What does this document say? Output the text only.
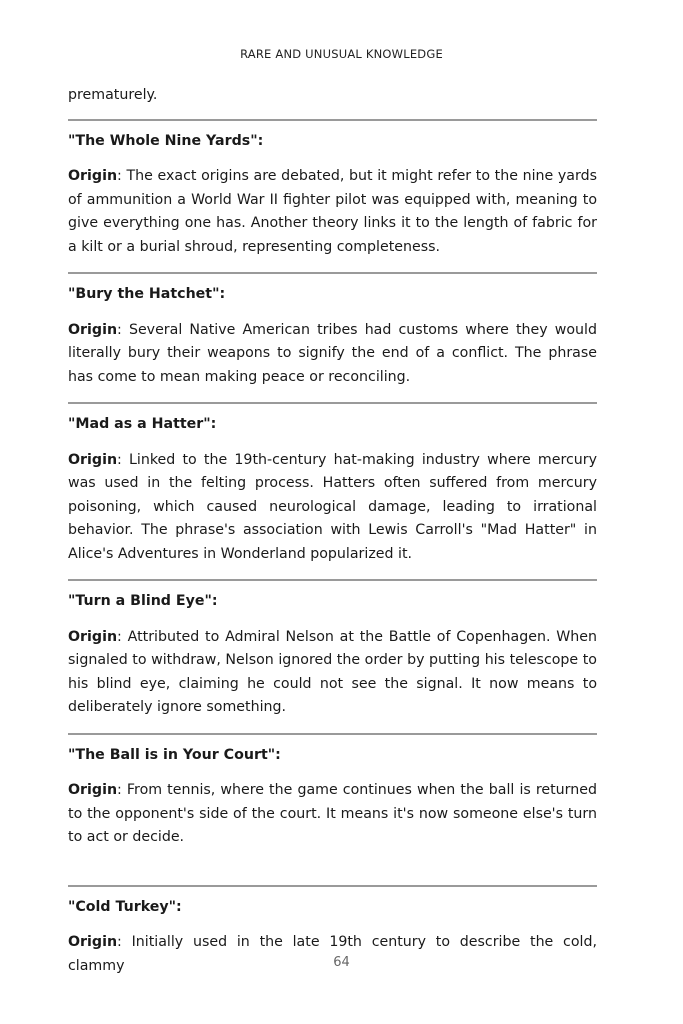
RARE AND UNUSUAL KNOWLEDGE

prematurely.

"The Whole Nine Yards":

Origin: The exact origins are debated, but it might refer to the nine yards of ammunition a World War II fighter pilot was equipped with, meaning to give everything one has. Another theory links it to the length of fabric for a kilt or a burial shroud, representing completeness.

"Bury the Hatchet":

Origin: Several Native American tribes had customs where they would literally bury their weapons to signify the end of a conflict. The phrase has come to mean making peace or reconciling.

"Mad as a Hatter":

Origin: Linked to the 19th-century hat-making industry where mercury was used in the felting process. Hatters often suffered from mercury poisoning, which caused neurological damage, leading to irrational behavior. The phrase's association with Lewis Carroll's "Mad Hatter" in Alice's Adventures in Wonderland popularized it.

"Turn a Blind Eye":

Origin: Attributed to Admiral Nelson at the Battle of Copenhagen. When signaled to withdraw, Nelson ignored the order by putting his telescope to his blind eye, claiming he could not see the signal. It now means to deliberately ignore something.

"The Ball is in Your Court":

Origin: From tennis, where the game continues when the ball is returned to the opponent's side of the court. It means it's now someone else's turn to act or decide.

"Cold Turkey":

Origin: Initially used in the late 19th century to describe the cold, clammy	64
